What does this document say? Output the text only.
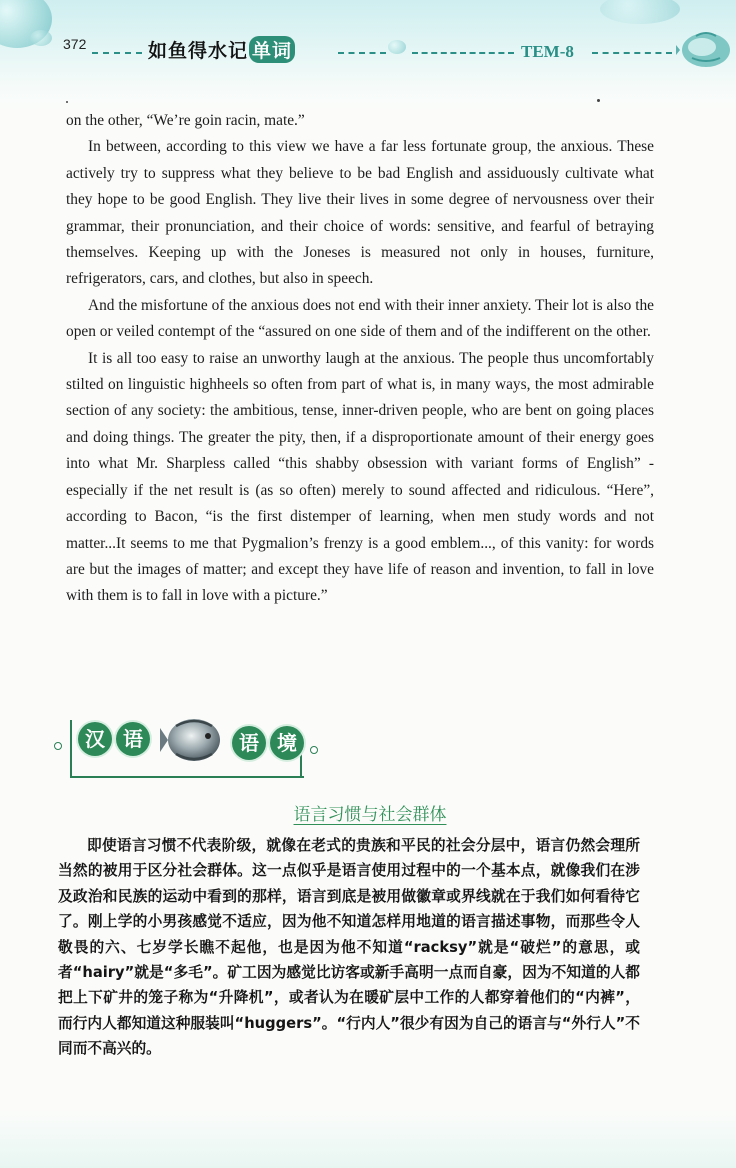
372	如鱼得水记 单词	TEM-8

on the other, “We’re goin racin, mate.”

In between, according to this view we have a far less fortunate group, the anxious. These actively try to suppress what they believe to be bad English and assiduously cultivate what they hope to be good English. They live their lives in some degree of nervousness over their grammar, their pronunciation, and their choice of words: sensitive, and fearful of betraying themselves. Keeping up with the Joneses is measured not only in houses, furniture, refrigerators, cars, and clothes, but also in speech.

And the misfortune of the anxious does not end with their inner anxiety. Their lot is also the open or veiled contempt of the “assured on one side of them and of the indifferent on the other.

It is all too easy to raise an unworthy laugh at the anxious. The people thus uncomfortably stilted on linguistic highheels so often from part of what is, in many ways, the most admirable section of any society: the ambitious, tense, inner-driven people, who are bent on going places and doing things. The greater the pity, then, if a disproportionate amount of their energy goes into what Mr. Sharpless called “this shabby obsession with variant forms of English” -especially if the net result is (as so often) merely to sound affected and ridiculous. “Here”, according to Bacon, “is the first distemper of learning, when men study words and not matter...It seems to me that Pygmalion’s frenzy is a good emblem..., of this vanity: for words are but the images of matter; and except they have life of reason and invention, to fall in love with them is to fall in love with a picture.”

汉 语	语 境
语言习惯与社会群体

即使语言习惯不代表阶级，就像在老式的贵族和平民的社会分层中，语言仍然会理所当然的被用于区分社会群体。这一点似乎是语言使用过程中的一个基本点，就像我们在涉及政治和民族的运动中看到的那样，语言到底是被用做徽章或界线就在于我们如何看待它了。刚上学的小男孩感觉不适应，因为他不知道怎样用地道的语言描述事物，而那些令人敬畏的六、七岁学长瞧不起他，也是因为他不知道“racksy”就是“破烂”的意思，或者“hairy”就是“多毛”。矿工因为感觉比访客或新手高明一点而自豪，因为不知道的人都把上下矿井的笼子称为“升降机”，或者认为在暖矿层中工作的人都穿着他们的“内裤”，而行内人都知道这种服装叫“huggers”。“行内人”很少有因为自己的语言与“外行人”不同而不高兴的。
